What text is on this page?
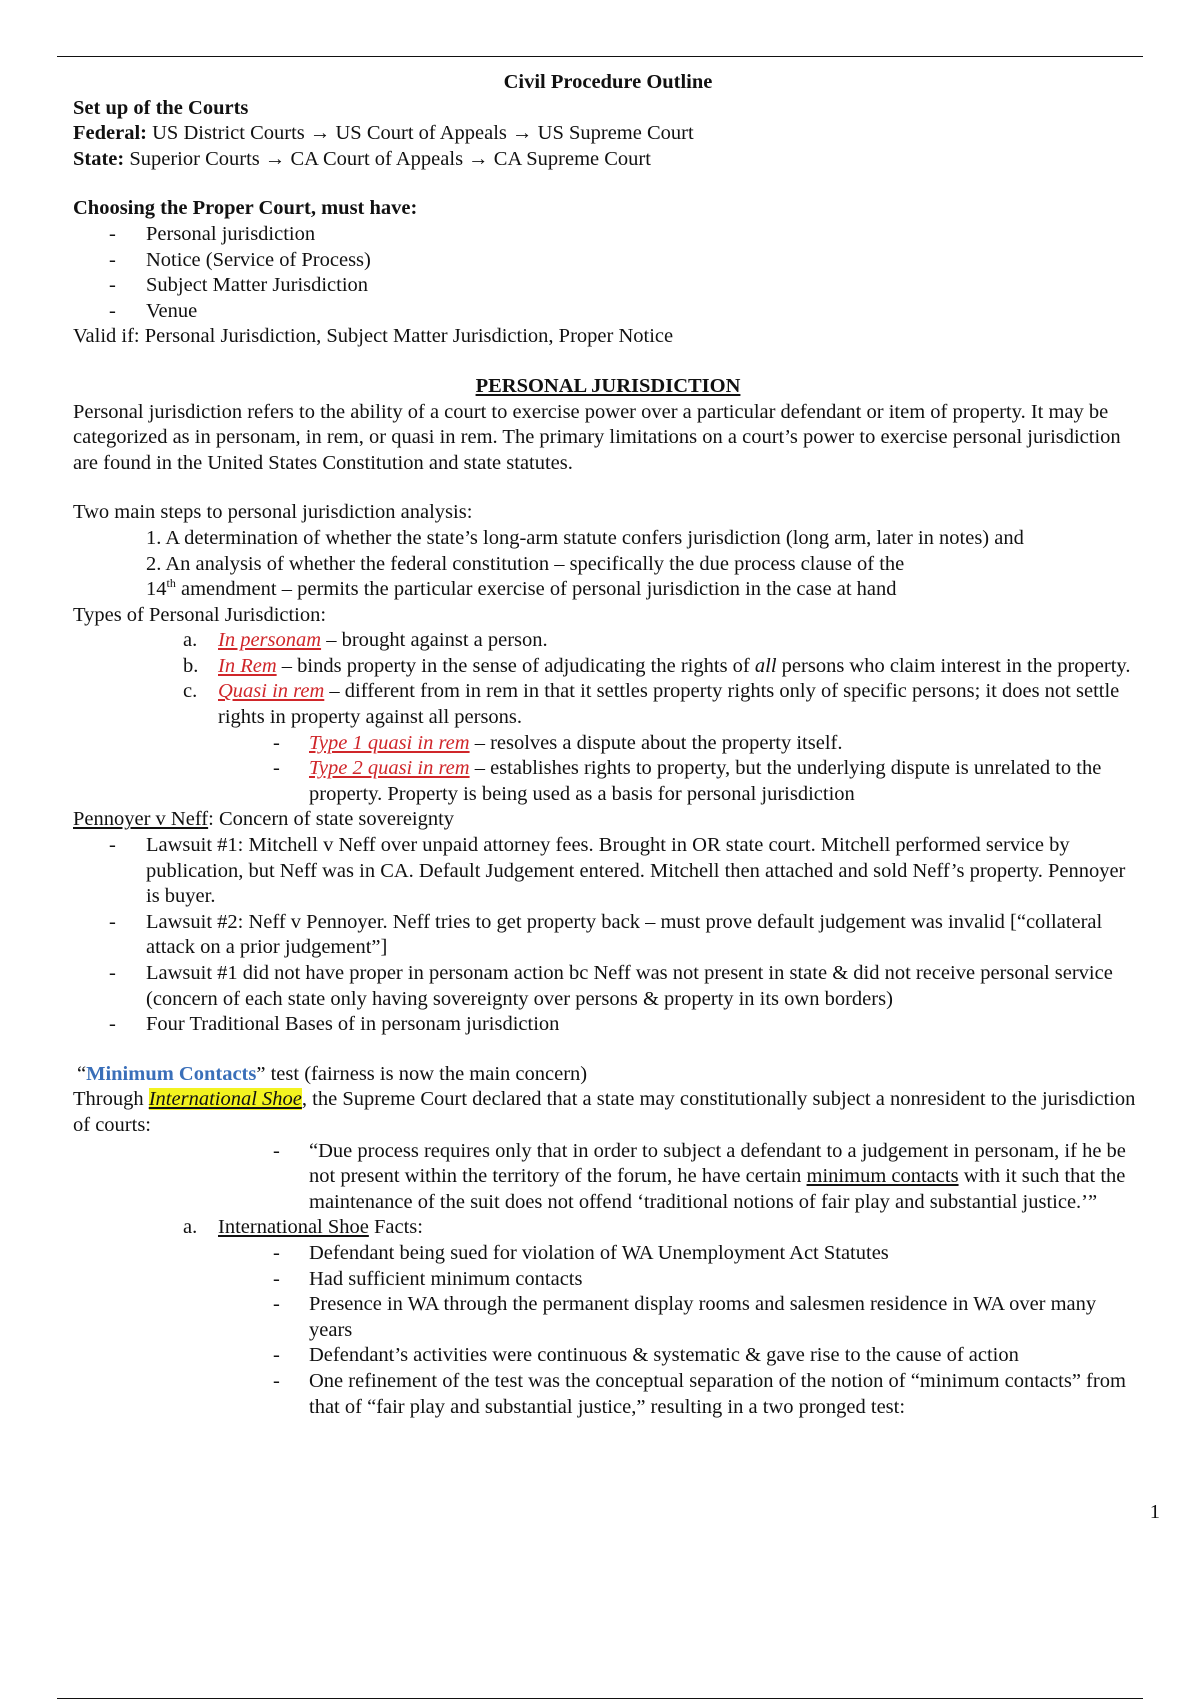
Civil Procedure Outline
Set up of the Courts
Federal: US District Courts → US Court of Appeals → US Supreme Court
State: Superior Courts → CA Court of Appeals → CA Supreme Court
Choosing the Proper Court, must have:
-
Personal jurisdiction
-
Notice (Service of Process)
-
Subject Matter Jurisdiction
-
Venue
Valid if: Personal Jurisdiction, Subject Matter Jurisdiction, Proper Notice
PERSONAL JURISDICTION
Personal jurisdiction refers to the ability of a court to exercise power over a particular defendant or item of property. It may be categorized as in personam, in rem, or quasi in rem. The primary limitations on a court’s power to exercise personal jurisdiction are found in the United States Constitution and state statutes.
Two main steps to personal jurisdiction analysis:
1. A determination of whether the state’s long-arm statute confers jurisdiction (long arm, later in notes) and
2. An analysis of whether the federal constitution – specifically the due process clause of the
14th amendment – permits the particular exercise of personal jurisdiction in the case at hand
Types of Personal Jurisdiction:
a. In personam – brought against a person.
b. In Rem – binds property in the sense of adjudicating the rights of all persons who claim interest in the property.
c. Quasi in rem – different from in rem in that it settles property rights only of specific persons; it does not settle rights in property against all persons.
-
Type 1 quasi in rem – resolves a dispute about the property itself.
-
Type 2 quasi in rem – establishes rights to property, but the underlying dispute is unrelated to the property. Property is being used as a basis for personal jurisdiction
Pennoyer v Neff: Concern of state sovereignty
-
Lawsuit #1: Mitchell v Neff over unpaid attorney fees. Brought in OR state court. Mitchell performed service by publication, but Neff was in CA. Default Judgement entered. Mitchell then attached and sold Neff’s property. Pennoyer is buyer.
-
Lawsuit #2: Neff v Pennoyer. Neff tries to get property back – must prove default judgement was invalid [“collateral attack on a prior judgement”]
-
Lawsuit #1 did not have proper in personam action bc Neff was not present in state & did not receive personal service (concern of each state only having sovereignty over persons & property in its own borders)
-
Four Traditional Bases of in personam jurisdiction
“Minimum Contacts” test (fairness is now the main concern)
Through International Shoe, the Supreme Court declared that a state may constitutionally subject a nonresident to the jurisdiction of courts:
-
“Due process requires only that in order to subject a defendant to a judgement in personam, if he be not present within the territory of the forum, he have certain minimum contacts with it such that the maintenance of the suit does not offend ‘traditional notions of fair play and substantial justice.’”
a. International Shoe Facts:
-
Defendant being sued for violation of WA Unemployment Act Statutes
-
Had sufficient minimum contacts
-
Presence in WA through the permanent display rooms and salesmen residence in WA over many years
-
Defendant’s activities were continuous & systematic & gave rise to the cause of action
-
One refinement of the test was the conceptual separation of the notion of “minimum contacts” from that of “fair play and substantial justice,” resulting in a two pronged test:
1
